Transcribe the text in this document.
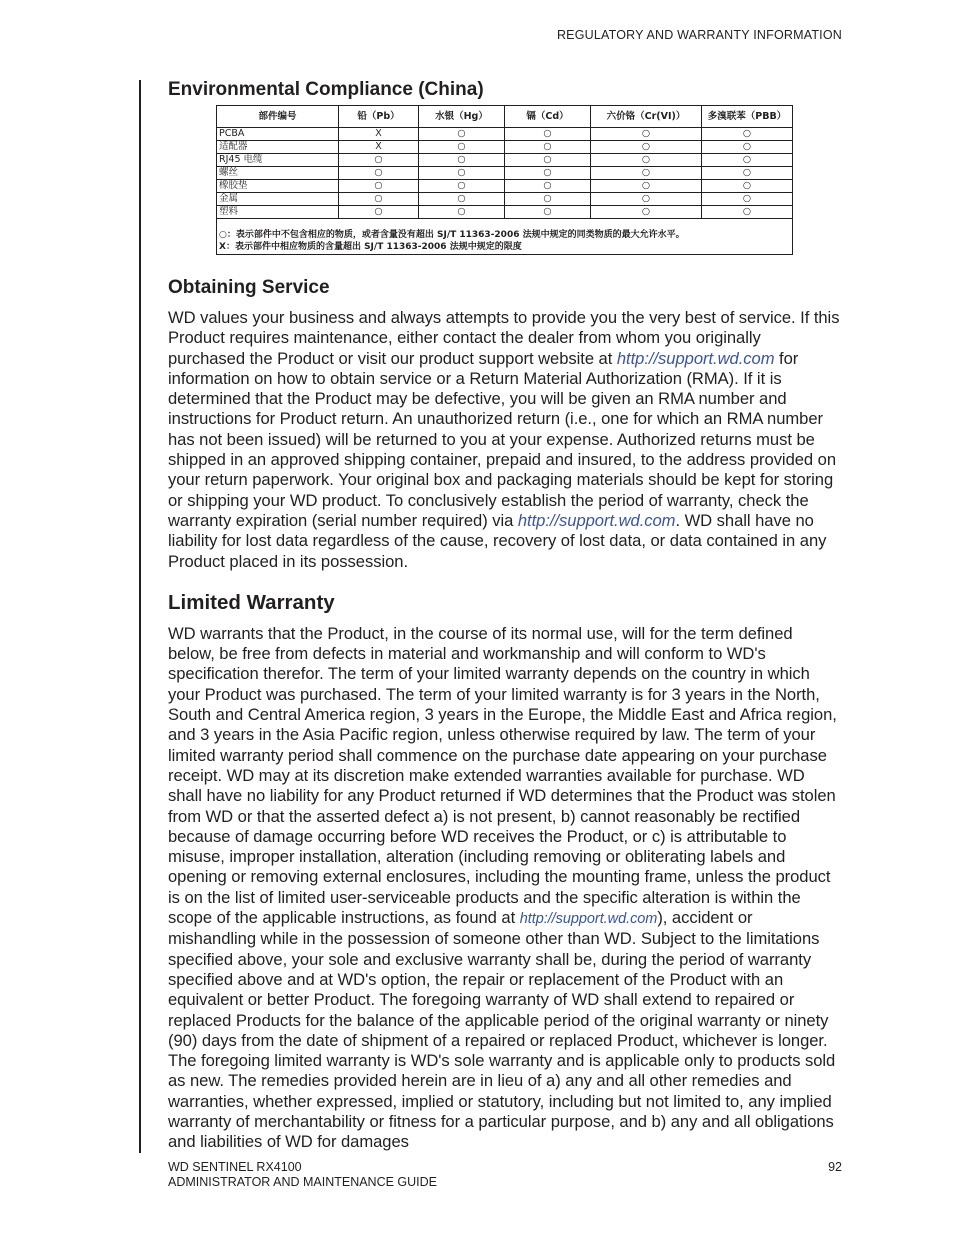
REGULATORY AND WARRANTY INFORMATION
Environmental Compliance (China)
部件编号	铅（Pb）	水银（Hg）	镉（Cd）	六价铬（Cr(VI)）	多溴联苯（PBB）
PCBA	X	○	○	○	○
适配器	X	○	○	○	○
RJ45 电缆	○	○	○	○	○
螺丝	○	○	○	○	○
橡胶垫	○	○	○	○	○
金属	○	○	○	○	○
塑料	○	○	○	○	○

○：表示部件中不包含相应的物质，或者含量没有超出 SJ/T 11363-2006 法规中规定的同类物质的最大允许水平。
X：表示部件中相应物质的含量超出 SJ/T 11363-2006 法规中规定的限度					
Obtaining Service

WD values your business and always attempts to provide you the very best of service. If this Product requires maintenance, either contact the dealer from whom you originally purchased the Product or visit our product support website at http://support.wd.com for information on how to obtain service or a Return Material Authorization (RMA). If it is determined that the Product may be defective, you will be given an RMA number and instructions for Product return. An unauthorized return (i.e., one for which an RMA number has not been issued) will be returned to you at your expense. Authorized returns must be shipped in an approved shipping container, prepaid and insured, to the address provided on your return paperwork. Your original box and packaging materials should be kept for storing or shipping your WD product. To conclusively establish the period of warranty, check the warranty expiration (serial number required) via http://support.wd.com. WD shall have no liability for lost data regardless of the cause, recovery of lost data, or data contained in any Product placed in its possession.

Limited Warranty

WD warrants that the Product, in the course of its normal use, will for the term defined below, be free from defects in material and workmanship and will conform to WD's specification therefor. The term of your limited warranty depends on the country in which your Product was purchased. The term of your limited warranty is for 3 years in the North, South and Central America region, 3 years in the Europe, the Middle East and Africa region, and 3 years in the Asia Pacific region, unless otherwise required by law. The term of your limited warranty period shall commence on the purchase date appearing on your purchase receipt. WD may at its discretion make extended warranties available for purchase. WD shall have no liability for any Product returned if WD determines that the Product was stolen from WD or that the asserted defect a) is not present, b) cannot reasonably be rectified because of damage occurring before WD receives the Product, or c) is attributable to misuse, improper installation, alteration (including removing or obliterating labels and opening or removing external enclosures, including the mounting frame, unless the product is on the list of limited user-serviceable products and the specific alteration is within the scope of the applicable instructions, as found at http://support.wd.com), accident or mishandling while in the possession of someone other than WD. Subject to the limitations specified above, your sole and exclusive warranty shall be, during the period of warranty specified above and at WD's option, the repair or replacement of the Product with an equivalent or better Product. The foregoing warranty of WD shall extend to repaired or replaced Products for the balance of the applicable period of the original warranty or ninety (90) days from the date of shipment of a repaired or replaced Product, whichever is longer. The foregoing limited warranty is WD's sole warranty and is applicable only to products sold as new. The remedies provided herein are in lieu of a) any and all other remedies and warranties, whether expressed, implied or statutory, including but not limited to, any implied warranty of merchantability or fitness for a particular purpose, and b) any and all obligations and liabilities of WD for damages

WD SENTINEL RX4100
ADMINISTRATOR AND MAINTENANCE GUIDE
92
